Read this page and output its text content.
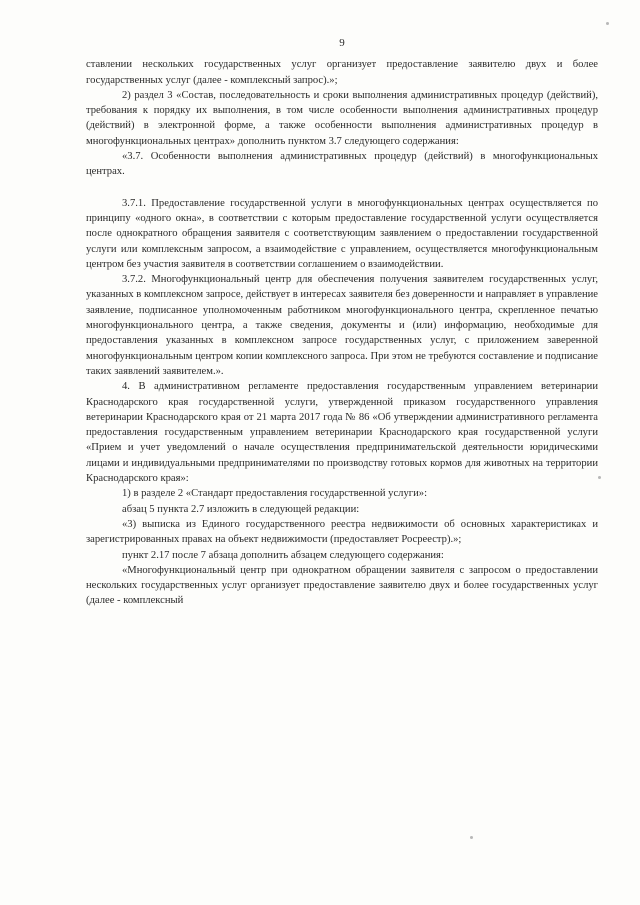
9

ставлении нескольких государственных услуг организует предоставление заявителю двух и более государственных услуг (далее - комплексный запрос).»;

2) раздел 3 «Состав, последовательность и сроки выполнения административных процедур (действий), требования к порядку их выполнения, в том числе особенности выполнения административных процедур (действий) в электронной форме, а также особенности выполнения административных процедур в многофункциональных центрах» дополнить пунктом 3.7 следующего содержания:

«3.7. Особенности выполнения административных процедур (действий) в многофункциональных центрах.

3.7.1. Предоставление государственной услуги в многофункциональных центрах осуществляется по принципу «одного окна», в соответствии с которым предоставление государственной услуги осуществляется после однократного обращения заявителя с соответствующим заявлением о предоставлении государственной услуги или комплексным запросом, а взаимодействие с управлением, осуществляется многофункциональным центром без участия заявителя в соответствии соглашением о взаимодействии.

3.7.2. Многофункциональный центр для обеспечения получения заявителем государственных услуг, указанных в комплексном запросе, действует в интересах заявителя без доверенности и направляет в управление заявление, подписанное уполномоченным работником многофункционального центра, скрепленное печатью многофункционального центра, а также сведения, документы и (или) информацию, необходимые для предоставления указанных в комплексном запросе государственных услуг, с приложением заверенной многофункциональным центром копии комплексного запроса. При этом не требуются составление и подписание таких заявлений заявителем.».

4. В административном регламенте предоставления государственным управлением ветеринарии Краснодарского края государственной услуги, утвержденной приказом государственного управления ветеринарии Краснодарского края от 21 марта 2017 года № 86 «Об утверждении административного регламента предоставления государственным управлением ветеринарии Краснодарского края государственной услуги «Прием и учет уведомлений о начале осуществления предпринимательской деятельности юридическими лицами и индивидуальными предпринимателями по производству готовых кормов для животных на территории Краснодарского края»:

1) в разделе 2 «Стандарт предоставления государственной услуги»:

абзац 5 пункта 2.7 изложить в следующей редакции:

«3) выписка из Единого государственного реестра недвижимости об основных характеристиках и зарегистрированных правах на объект недвижимости (предоставляет Росреестр).»;

пункт 2.17 после 7 абзаца дополнить абзацем следующего содержания:

«Многофункциональный центр при однократном обращении заявителя с запросом о предоставлении нескольких государственных услуг организует предоставление заявителю двух и более государственных услуг (далее - комплексный
